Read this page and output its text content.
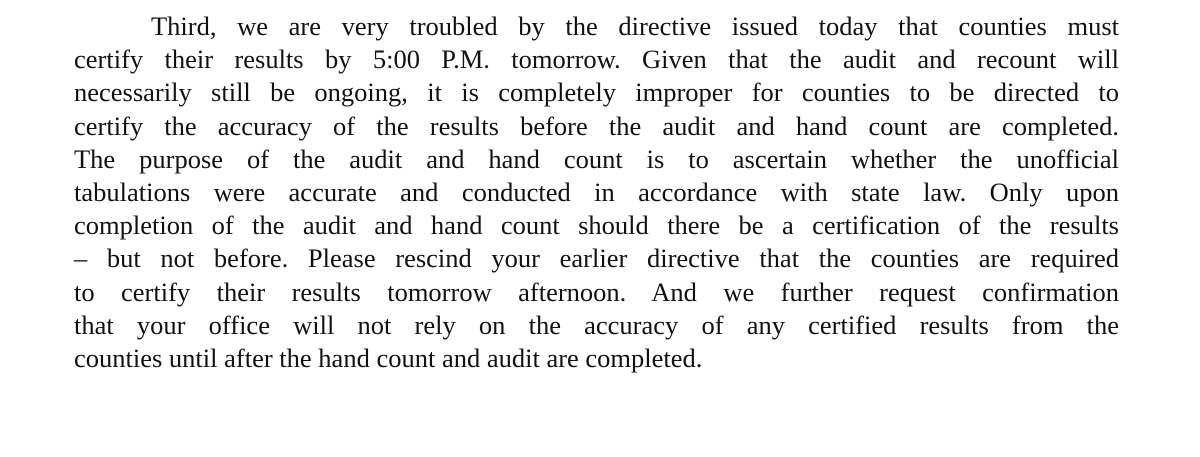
Third, we are very troubled by the directive issued today that counties must
certify their results by 5:00 P.M. tomorrow. Given that the audit and recount will
necessarily still be ongoing, it is completely improper for counties to be directed to
certify the accuracy of the results before the audit and hand count are completed.
The purpose of the audit and hand count is to ascertain whether the unofficial
tabulations were accurate and conducted in accordance with state law. Only upon
completion of the audit and hand count should there be a certification of the results
– but not before. Please rescind your earlier directive that the counties are required
to certify their results tomorrow afternoon. And we further request confirmation
that your office will not rely on the accuracy of any certified results from the
counties until after the hand count and audit are completed.
